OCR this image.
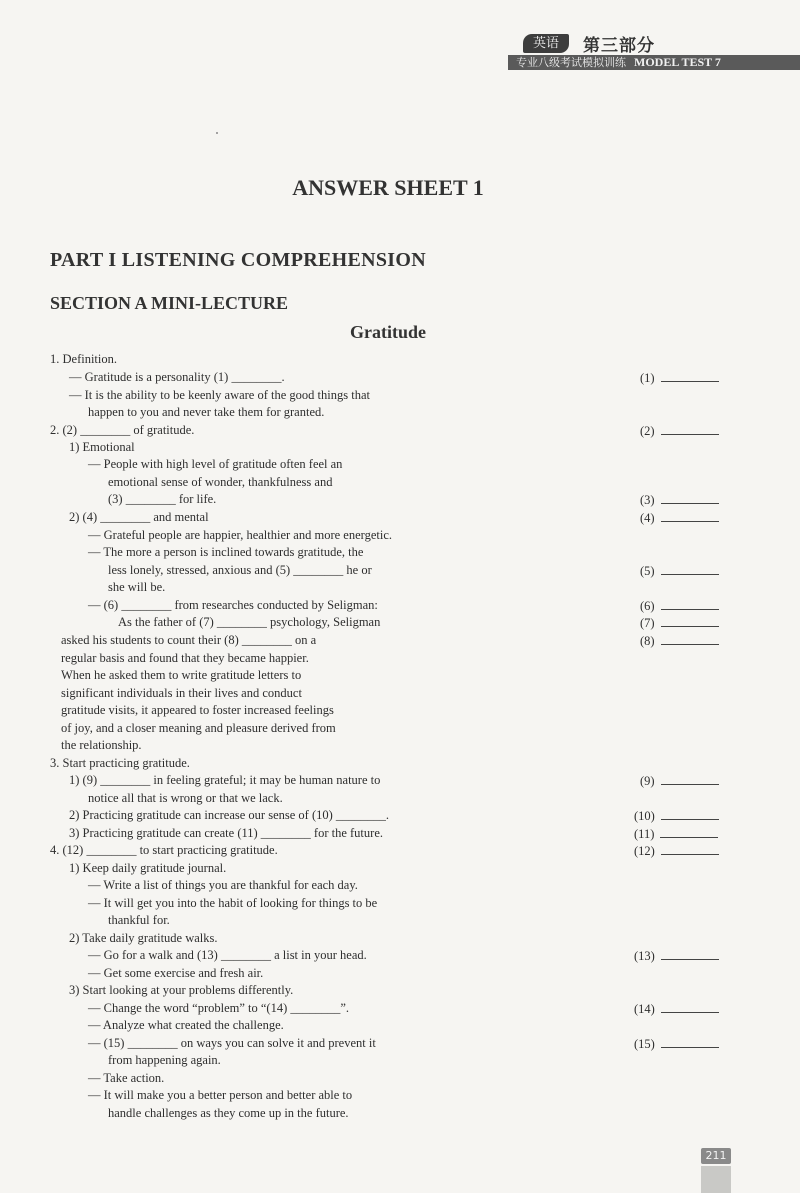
英语	第三部分
专业八级考试模拟训练 MODEL TEST 7
ANSWER SHEET 1
PART I LISTENING COMPREHENSION
SECTION A MINI-LECTURE
Gratitude
1. Definition.
— Gratitude is a personality (1) ________.
— It is the ability to be keenly aware of the good things that
happen to you and never take them for granted.
2. (2) ________ of gratitude.
1) Emotional
— People with high level of gratitude often feel an
emotional sense of wonder, thankfulness and
(3) ________ for life.
2) (4) ________ and mental
— Grateful people are happier, healthier and more energetic.
— The more a person is inclined towards gratitude, the
less lonely, stressed, anxious and (5) ________ he or
she will be.
— (6) ________ from researches conducted by Seligman:
As the father of (7) ________ psychology, Seligman
asked his students to count their (8) ________ on a
regular basis and found that they became happier.
When he asked them to write gratitude letters to
significant individuals in their lives and conduct
gratitude visits, it appeared to foster increased feelings
of joy, and a closer meaning and pleasure derived from
the relationship.
3. Start practicing gratitude.
1) (9) ________ in feeling grateful; it may be human nature to
notice all that is wrong or that we lack.
2) Practicing gratitude can increase our sense of (10) ________.
3) Practicing gratitude can create (11) ________ for the future.
4. (12) ________ to start practicing gratitude.
1) Keep daily gratitude journal.
— Write a list of things you are thankful for each day.
— It will get you into the habit of looking for things to be
thankful for.
2) Take daily gratitude walks.
— Go for a walk and (13) ________ a list in your head.
— Get some exercise and fresh air.
3) Start looking at your problems differently.
— Change the word “problem” to “(14) ________”.
— Analyze what created the challenge.
— (15) ________ on ways you can solve it and prevent it
from happening again.
— Take action.
— It will make you a better person and better able to
handle challenges as they come up in the future.
(1)
(2)
(3)
(4)
(5)
(6)
(7)
(8)
(9)
(10)
(11)
(12)
(13)
(14)
(15)
211
